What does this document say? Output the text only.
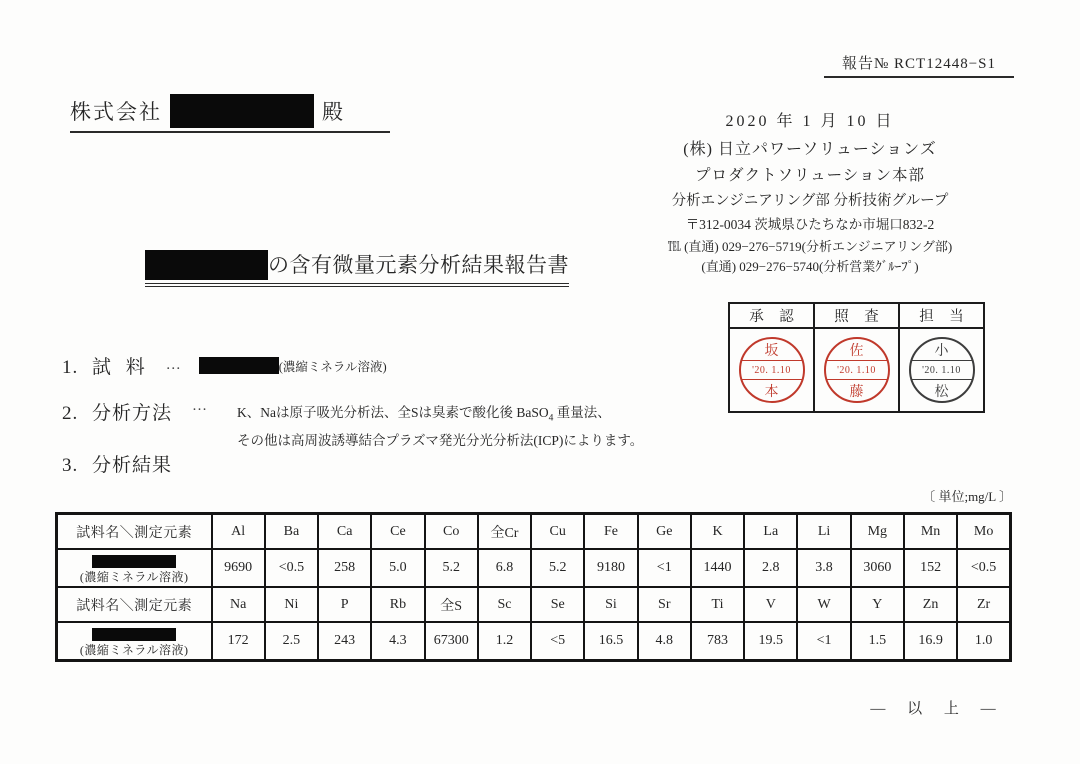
報告№ RCT12448−S1
株式会社	殿	2020 年 1 月 10 日
(株) 日立パワーソリューションズ
プロダクトソリューション本部
分析エンジニアリング部 分析技術グループ
〒312-0034 茨城県ひたちなか市堀口832-2
℡ (直通) 029−276−5719(分析エンジニアリング部)
(直通) 029−276−5740(分析営業ｸﾞﾙｰﾌﾟ)
の含有微量元素分析結果報告書
承 認	照 査	担 当

坂
'20. 1.10
本

佐
'20. 1.10
藤

小
'20. 1.10
松
1. 試 料 …	(濃縮ミネラル溶液)
2. 分析方法 … K、Naは原子吸光分析法、全Sは臭素で酸化後 BaSO$_4$ 重量法、
その他は高周波誘導結合プラズマ発光分光分析法(ICP)によります。
3. 分析結果
〔 単位;mg/L 〕
試料名＼測定元素	Al	Ba	Ca	Ce	Co	全Cr	Cu	Fe	Ge	K	La	Li	Mg	Mn	Mo

(濃縮ミネラル溶液)	9690	<0.5	258	5.0	5.2	6.8	5.2	9180	<1	1440	2.8	3.8	3060	152	<0.5
試料名＼測定元素	Na	Ni	P	Rb	全S	Sc	Se	Si	Sr	Ti	V	W	Y	Zn	Zr

(濃縮ミネラル溶液)	172	2.5	243	4.3	67300	1.2	<5	16.5	4.8	783	19.5	<1	1.5	16.9	1.0
— 以 上 —
